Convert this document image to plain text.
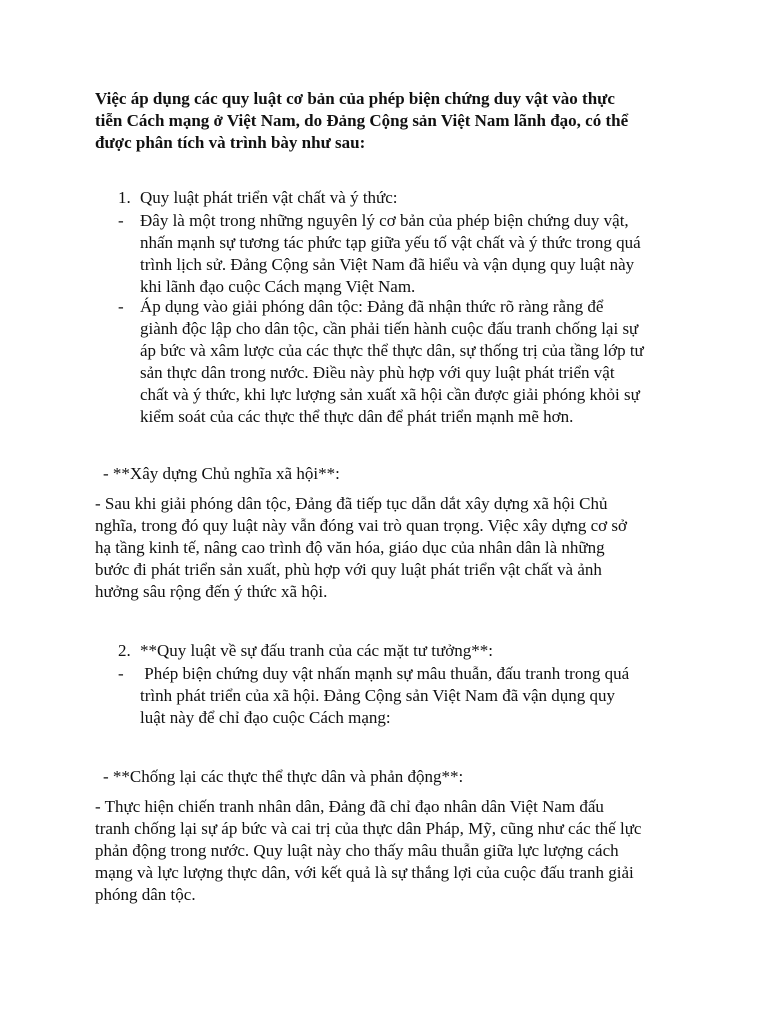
Việc áp dụng các quy luật cơ bản của phép biện chứng duy vật vào thực
tiễn Cách mạng ở Việt Nam, do Đảng Cộng sản Việt Nam lãnh đạo, có thể
được phân tích và trình bày như sau:

1. Quy luật phát triển vật chất và ý thức:
- Đây là một trong những nguyên lý cơ bản của phép biện chứng duy vật,
nhấn mạnh sự tương tác phức tạp giữa yếu tố vật chất và ý thức trong quá
trình lịch sử. Đảng Cộng sản Việt Nam đã hiểu và vận dụng quy luật này
khi lãnh đạo cuộc Cách mạng Việt Nam.

- Áp dụng vào giải phóng dân tộc: Đảng đã nhận thức rõ ràng rằng để
giành độc lập cho dân tộc, cần phải tiến hành cuộc đấu tranh chống lại sự
áp bức và xâm lược của các thực thể thực dân, sự thống trị của tầng lớp tư
sản thực dân trong nước. Điều này phù hợp với quy luật phát triển vật
chất và ý thức, khi lực lượng sản xuất xã hội cần được giải phóng khỏi sự
kiểm soát của các thực thể thực dân để phát triển mạnh mẽ hơn.

- **Xây dựng Chủ nghĩa xã hội**:

- Sau khi giải phóng dân tộc, Đảng đã tiếp tục dẫn dắt xây dựng xã hội Chủ
nghĩa, trong đó quy luật này vẫn đóng vai trò quan trọng. Việc xây dựng cơ sở
hạ tầng kinh tế, nâng cao trình độ văn hóa, giáo dục của nhân dân là những
bước đi phát triển sản xuất, phù hợp với quy luật phát triển vật chất và ảnh
hưởng sâu rộng đến ý thức xã hội.

2. **Quy luật về sự đấu tranh của các mặt tư tưởng**:
- Phép biện chứng duy vật nhấn mạnh sự mâu thuẫn, đấu tranh trong quá
trình phát triển của xã hội. Đảng Cộng sản Việt Nam đã vận dụng quy
luật này để chỉ đạo cuộc Cách mạng:

- **Chống lại các thực thể thực dân và phản động**:

- Thực hiện chiến tranh nhân dân, Đảng đã chỉ đạo nhân dân Việt Nam đấu
tranh chống lại sự áp bức và cai trị của thực dân Pháp, Mỹ, cũng như các thế lực
phản động trong nước. Quy luật này cho thấy mâu thuẫn giữa lực lượng cách
mạng và lực lượng thực dân, với kết quả là sự thắng lợi của cuộc đấu tranh giải
phóng dân tộc.
